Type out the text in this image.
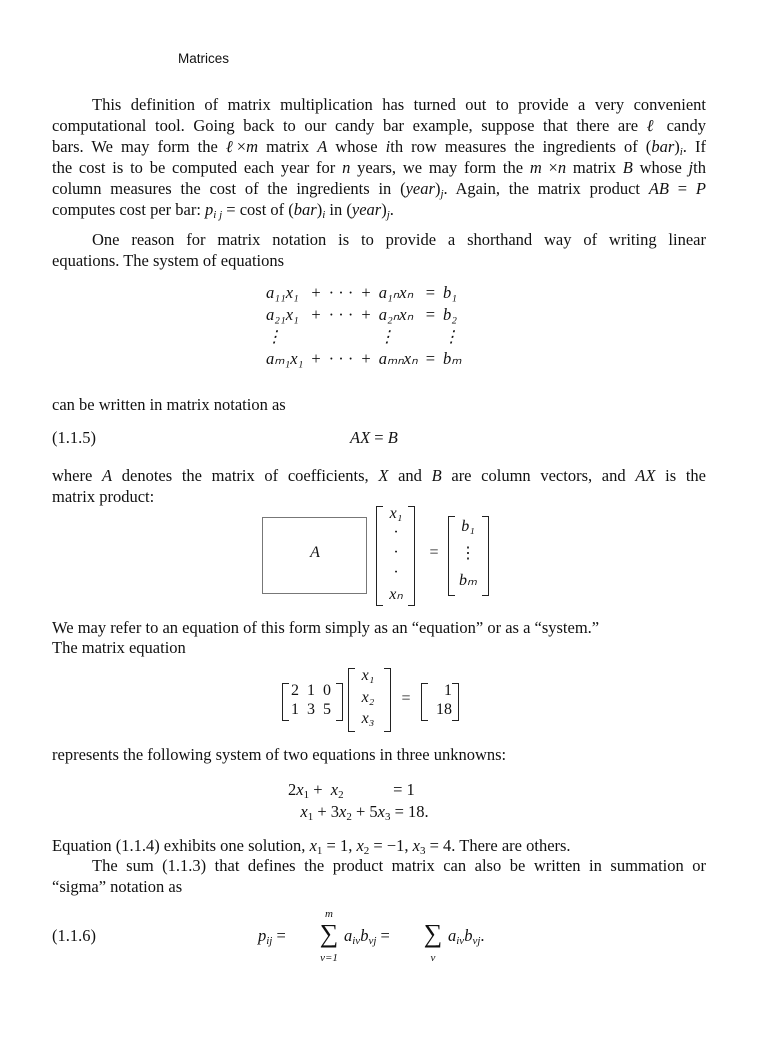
Matrices
This definition of matrix multiplication has turned out to provide a very convenient
computational tool. Going back to our candy bar example, suppose that there are ℓ candy
bars. We may form the ℓ×m matrix A whose ith row measures the ingredients of $(bar)_i$. If
the cost is to be computed each year for n years, we may form the m ×n matrix B whose jth
column measures the cost of the ingredients in $(year)_j$. Again, the matrix product AB = P
computes cost per bar: $p_{i j} = \cos t$ of $(bar)_i$ in $(year)_j$.
One reason for matrix notation is to provide a shorthand way of writing linear
equations. The system of equations
a₁₁x₁	+	· · ·	+	a₁ₙxₙ	=	b₁
a₂₁x₁	+	· · ·	+	a₂ₙxₙ	=	b₂
⋮				⋮		⋮
aₘ₁x₁	+	· · ·	+	aₘₙxₙ	=	bₘ
can be written in matrix notation as
(1.1.5)	AX = B
where A denotes the matrix of coefficients, X and B are column vectors, and AX is the
matrix product:
A
x₁
·
·
·
xₙ
=
b₁
⋮
bₘ
We may refer to an equation of this form simply as an “equation” or as a “system.”
The matrix equation
2 1 0
1 3 5
x₁
x₂
x₃
=	1
18
represents the following system of two equations in three unknowns:
$2x_1 + x_2$            = 1
$x_1 + 3x_2 + 5x_3 = 18$.
Equation (1.1.4) exhibits one solution, $x_1 = 1$, $x_2 = -1$, $x_3 = 4$. There are others.
The sum (1.1.3) that defines the product matrix can also be written in summation or
“sigma” notation as
(1.1.6)	$p_{ij}$ =
m
∑
ν=1
$a_{i\nu}b_{\nu j}$ = ∑
ν
$a_{i\nu}b_{\nu j}$.
